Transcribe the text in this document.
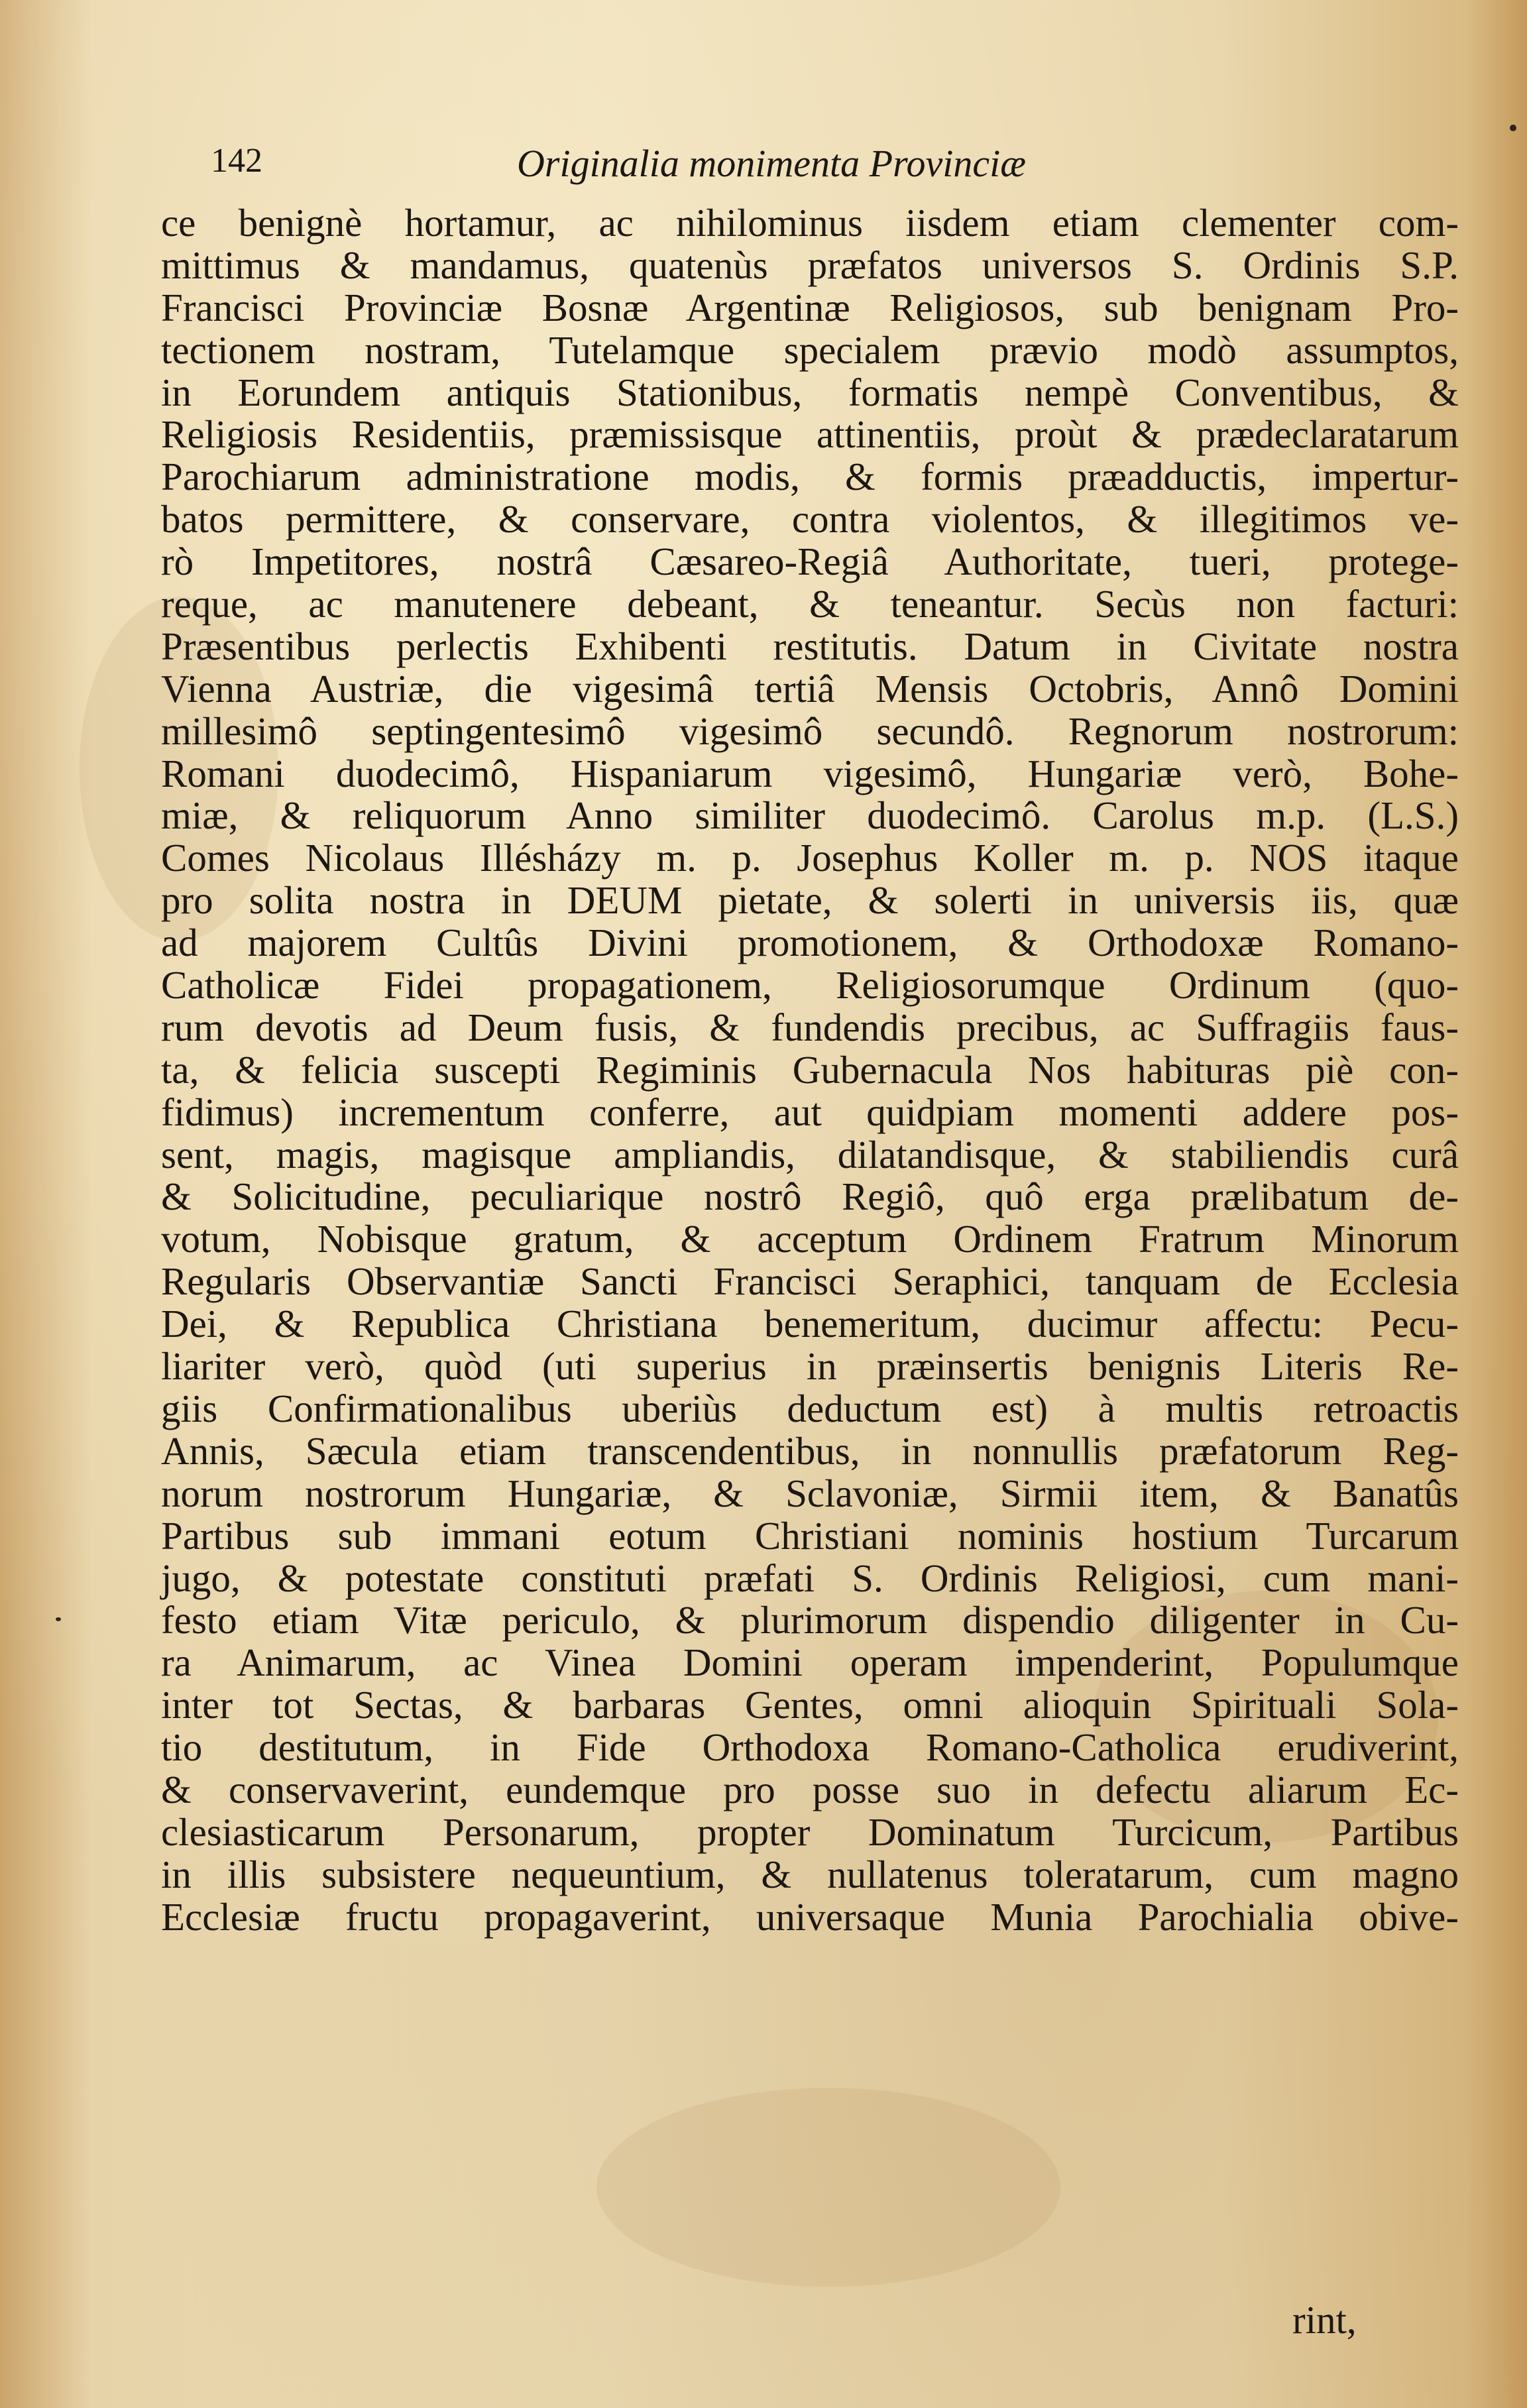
142	Originalia monimenta Provinciæ
ce benignè hortamur, ac nihilominus iisdem etiam clementer com-
mittimus & mandamus, quatenùs præfatos universos S. Ordinis S.P.
Francisci Provinciæ Bosnæ Argentinæ Religiosos, sub benignam Pro-
tectionem nostram, Tutelamque specialem prævio modò assumptos,
in Eorundem antiquis Stationibus, formatis nempè Conventibus, &
Religiosis Residentiis, præmissisque attinentiis, proùt & prædeclaratarum
Parochiarum administratione modis, & formis præadductis, impertur-
batos permittere, & conservare, contra violentos, & illegitimos ve-
rò Impetitores, nostrâ Cæsareo-Regiâ Authoritate, tueri, protege-
reque, ac manutenere debeant, & teneantur. Secùs non facturi:
Præsentibus perlectis Exhibenti restitutis. Datum in Civitate nostra
Vienna Austriæ, die vigesimâ tertiâ Mensis Octobris, Annô Domini
millesimô septingentesimô vigesimô secundô. Regnorum nostrorum:
Romani duodecimô, Hispaniarum vigesimô, Hungariæ verò, Bohe-
miæ, & reliquorum Anno similiter duodecimô. Carolus m.p. (L.S.)
Comes Nicolaus Illésházy m. p. Josephus Koller m. p. NOS itaque
pro solita nostra in DEUM pietate, & solerti in universis iis, quæ
ad majorem Cultûs Divini promotionem, & Orthodoxæ Romano-
Catholicæ Fidei propagationem, Religiosorumque Ordinum (quo-
rum devotis ad Deum fusis, & fundendis precibus, ac Suffragiis faus-
ta, & felicia suscepti Regiminis Gubernacula Nos habituras piè con-
fidimus) incrementum conferre, aut quidpiam momenti addere pos-
sent, magis, magisque ampliandis, dilatandisque, & stabiliendis curâ
& Solicitudine, peculiarique nostrô Regiô, quô erga prælibatum de-
votum, Nobisque gratum, & acceptum Ordinem Fratrum Minorum
Regularis Observantiæ Sancti Francisci Seraphici, tanquam de Ecclesia
Dei, & Republica Christiana benemeritum, ducimur affectu: Pecu-
liariter verò, quòd (uti superius in præinsertis benignis Literis Re-
giis Confirmationalibus uberiùs deductum est) à multis retroactis
Annis, Sæcula etiam transcendentibus, in nonnullis præfatorum Reg-
norum nostrorum Hungariæ, & Sclavoniæ, Sirmii item, & Banatûs
Partibus sub immani eotum Christiani nominis hostium Turcarum
jugo, & potestate constituti præfati S. Ordinis Religiosi, cum mani-
festo etiam Vitæ periculo, & plurimorum dispendio diligenter in Cu-
ra Animarum, ac Vinea Domini operam impenderint, Populumque
inter tot Sectas, & barbaras Gentes, omni alioquin Spirituali Sola-
tio destitutum, in Fide Orthodoxa Romano-Catholica erudiverint,
& conservaverint, eundemque pro posse suo in defectu aliarum Ec-
clesiasticarum Personarum, propter Dominatum Turcicum, Partibus
in illis subsistere nequeuntium, & nullatenus toleratarum, cum magno
Ecclesiæ fructu propagaverint, universaque Munia Parochialia obive-
rint,
